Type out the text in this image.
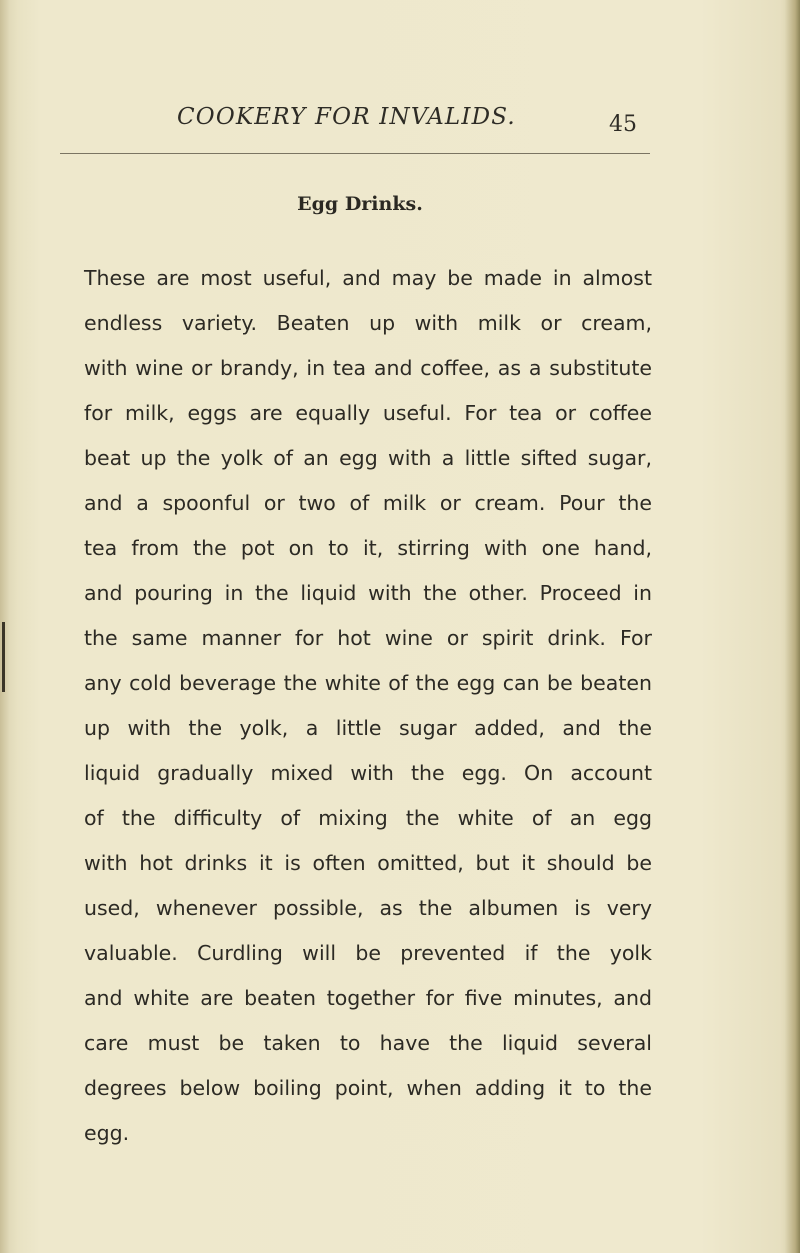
COOKERY FOR INVALIDS.	45
Egg Drinks.
These are most useful, and may be made in almost
endless variety. Beaten up with milk or cream,
with wine or brandy, in tea and coffee, as a substitute
for milk, eggs are equally useful. For tea or coffee
beat up the yolk of an egg with a little sifted sugar,
and a spoonful or two of milk or cream. Pour the
tea from the pot on to it, stirring with one hand,
and pouring in the liquid with the other. Proceed in
the same manner for hot wine or spirit drink. For
any cold beverage the white of the egg can be beaten
up with the yolk, a little sugar added, and the
liquid gradually mixed with the egg. On account
of the difficulty of mixing the white of an egg
with hot drinks it is often omitted, but it should be
used, whenever possible, as the albumen is very
valuable. Curdling will be prevented if the yolk
and white are beaten together for five minutes, and
care must be taken to have the liquid several
degrees below boiling point, when adding it to the
egg.
